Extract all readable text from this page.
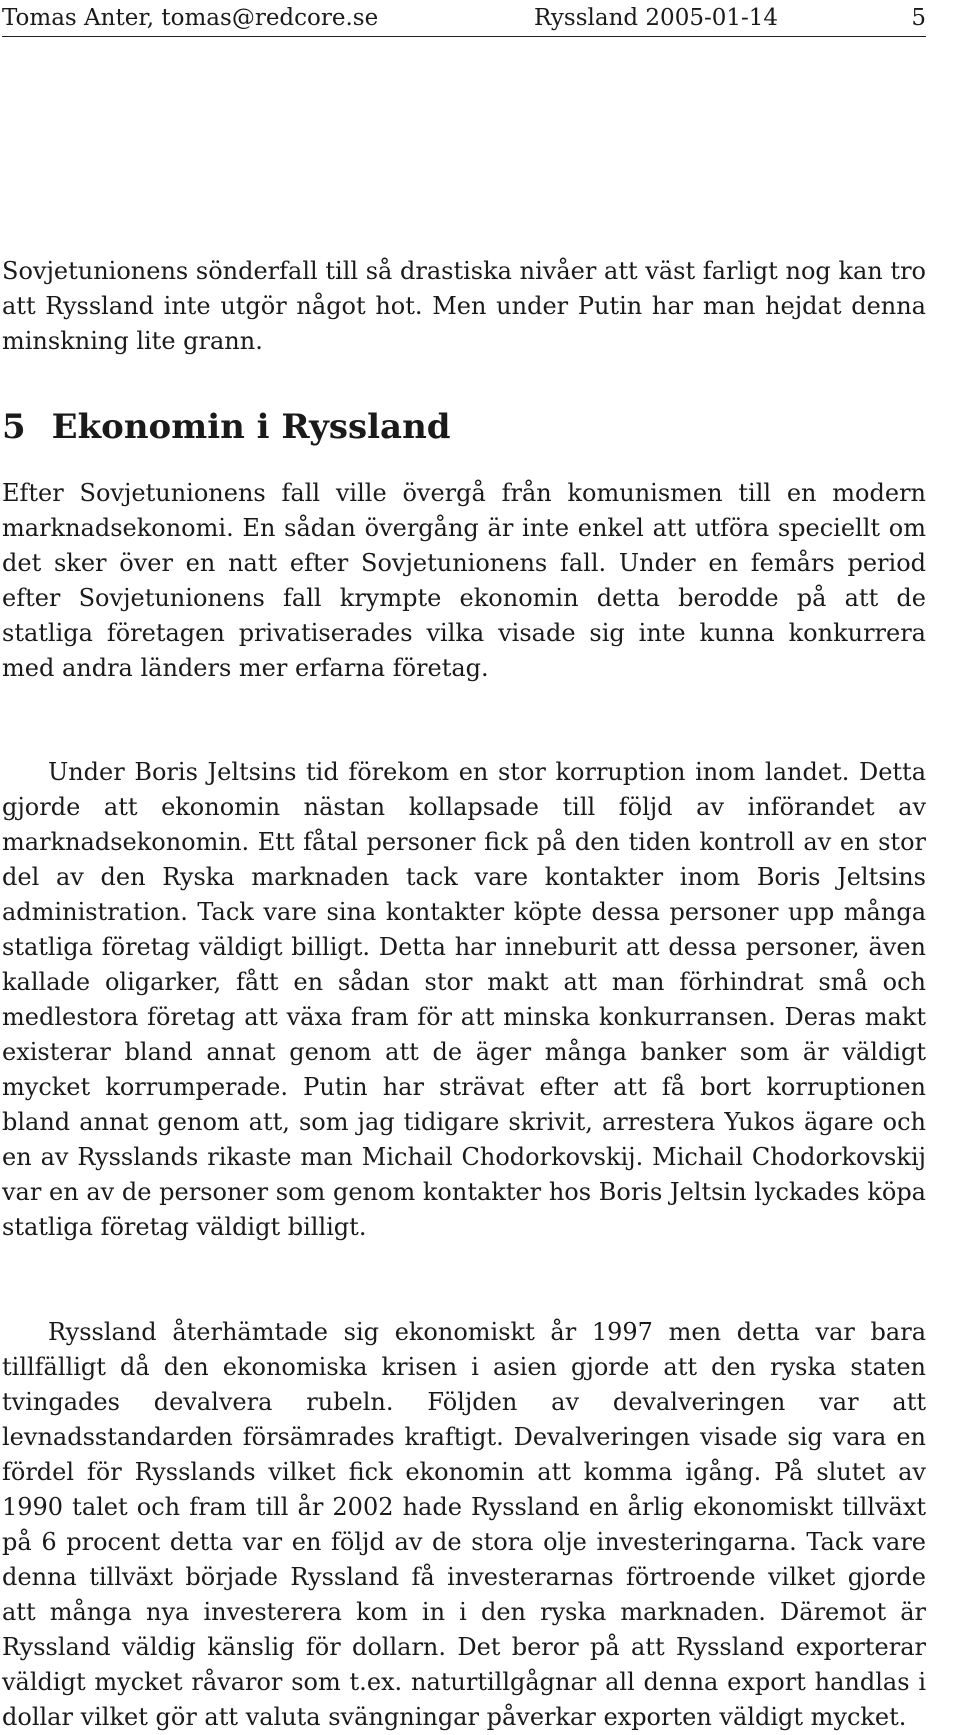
Tomas Anter, tomas@redcore.se	Ryssland 2005-01-14	5

Sovjetunionens sönderfall till så drastiska nivåer att väst farligt nog kan tro att Ryssland inte utgör något hot. Men under Putin har man hejdat denna minskning lite grann.

5 Ekonomin i Ryssland

Efter Sovjetunionens fall ville övergå från komunismen till en modern marknadsekonomi. En sådan övergång är inte enkel att utföra speciellt om det sker över en natt efter Sovjetunionens fall. Under en femårs period efter Sovjetunionens fall krympte ekonomin detta berodde på att de statliga företagen privatiserades vilka visade sig inte kunna konkurrera med andra länders mer erfarna företag.

Under Boris Jeltsins tid förekom en stor korruption inom landet. Detta gjorde att ekonomin nästan kollapsade till följd av införandet av marknadsekonomin. Ett fåtal personer fick på den tiden kontroll av en stor del av den Ryska marknaden tack vare kontakter inom Boris Jeltsins administration. Tack vare sina kontakter köpte dessa personer upp många statliga företag väldigt billigt. Detta har inneburit att dessa personer, även kallade oligarker, fått en sådan stor makt att man förhindrat små och medlestora företag att växa fram för att minska konkurransen. Deras makt existerar bland annat genom att de äger många banker som är väldigt mycket korrumperade. Putin har strävat efter att få bort korruptionen bland annat genom att, som jag tidigare skrivit, arrestera Yukos ägare och en av Rysslands rikaste man Michail Chodorkovskij. Michail Chodorkovskij var en av de personer som genom kontakter hos Boris Jeltsin lyckades köpa statliga företag väldigt billigt.

Ryssland återhämtade sig ekonomiskt år 1997 men detta var bara tillfälligt då den ekonomiska krisen i asien gjorde att den ryska staten tvingades devalvera rubeln. Följden av devalveringen var att levnadsstandarden försämrades kraftigt. Devalveringen visade sig vara en fördel för Rysslands vilket fick ekonomin att komma igång. På slutet av 1990 talet och fram till år 2002 hade Ryssland en årlig ekonomiskt tillväxt på 6 procent detta var en följd av de stora olje investeringarna. Tack vare denna tillväxt började Ryssland få investerarnas förtroende vilket gjorde att många nya investerera kom in i den ryska marknaden. Däremot är Ryssland väldig känslig för dollarn. Det beror på att Ryssland exporterar väldigt mycket råvaror som t.ex. naturtillgågnar all denna export handlas i dollar vilket gör att valuta svängningar påverkar exporten väldigt mycket.
